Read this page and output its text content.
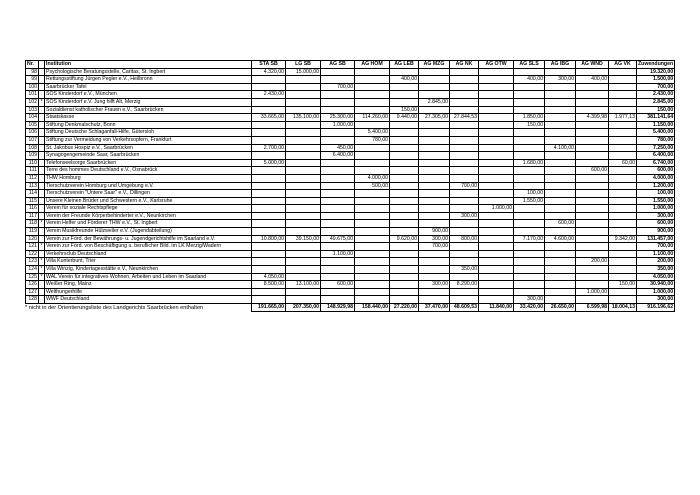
Nr.		Institution	STA SB	LG SB	AG SB	AG HOM	AG LEB	AG MZG	AG NK	AG OTW	AG SLS	AG IBG	AG WND	AG VK	Zuwendungen
98		Psychologische Beratungsstelle, Caritas, St. Ingbert	4.320,00	15.000,00											19.320,00
99		Rettungsstiftung Jürgen Pegler e.V., Heilbronn					400,00				400,00	300,00	400,00		1.500,00
100		Saarbrücker Tafel			700,00										700,00
101		SOS Kinderdorf e.V., München	2.430,00												2.430,00
102	*	SOS Kinderdorf e.V. Jung hilft Alt, Merzig						2.845,00							2.845,00
103		Sozialdienst katholischer Frauen e.V., Saarbrücken					150,00								150,00
104		Staatskasse	33.665,00	135.100,00	25.300,00	114.260,00	9.440,00	27.305,00	27.844,53		1.850,00		4.399,98	1.977,13	381.141,64
105		Stiftung Denkmalschutz, Bonn			1.000,00						150,00				1.150,00
106		Stiftung Deutsche Schlaganfall-Hilfe, Gütersloh				5.400,00									5.400,00
107		Stiftung zur Vermeidung von Verkehrsopfern, Frankfurt				780,00									780,00
108		St. Jakobus Hospiz e.V., Saarbrücken	2.700,00		450,00							4.100,00			7.250,00
109		Synagogengemeinde Saar, Saarbrücken			6.400,00										6.400,00
110		Telefonseelsorge Saarbrücken	5.000,00								1.680,00			60,00	6.740,00
111		Terre des hommes Deutschland e.V., Osnabrück											600,00		600,00
112		THW Homburg				4.000,00									4.000,00
113		Tierschutzverein Homburg und Umgebung e.V.				500,00			700,00						1.200,00
114		Tierschutzverein "Untere Saar" e.V., Dillingen									100,00				100,00
115		Unsere Kleinen Brüder und Schwestern e.V., Karlsruhe									1.550,00				1.550,00
116		Verein für soziale Rechtspflege								1.000,00					1.000,00
117		Verein der Freunde Körperbehinderter e.V., Neunkirchen							300,00						300,00
118	*	Verein Helfer und Förderer THW e.V., St. Ingbert										600,00			600,00
119		Verein Musikfreunde Hülzweiler e.V. (Jugendabteilung)						900,00							900,00
120		Verein zur Förd. der Bewährungs- u. Jugendgerichtshilfe im Saarland e.V.	10.800,00	39.150,00	49.675,00		9.620,00	300,00	800,00		7.170,00	4.600,00		9.342,00	131.457,00
121	*	Verein zur Förd. von Beschäftigung u. beruflicher Bild. im LK Merzig/Wadern						700,00							700,00
122		Verkehrsclub Deutschland			1.100,00										1.100,00
123	*	Villa Kunterbunt, Trier											200,00		200,00
124	*	Villa Winzig, Kindertagesstätte e.V., Neunkirchen							350,00						350,00
125	*	WAL Verein für integratives Wohnen, Arbeiten und Leben im Saarland	4.050,00												4.050,00
126		Weißer Ring, Mainz	8.500,00	13.100,00	600,00			300,00	8.290,00					150,00	30.940,00
127		Welthungerhilfe											1.000,00		1.000,00
128		WWF Deutschland									300,00				300,00
			191.665,00	207.350,00	148.929,98	158.440,00	27.220,00	37.470,00	48.609,53	11.840,00	33.420,00	26.650,00	6.599,98	18.004,13	916.196,62
* nicht in der Orientierungsliste des Landgerichts Saarbrücken enthalten
